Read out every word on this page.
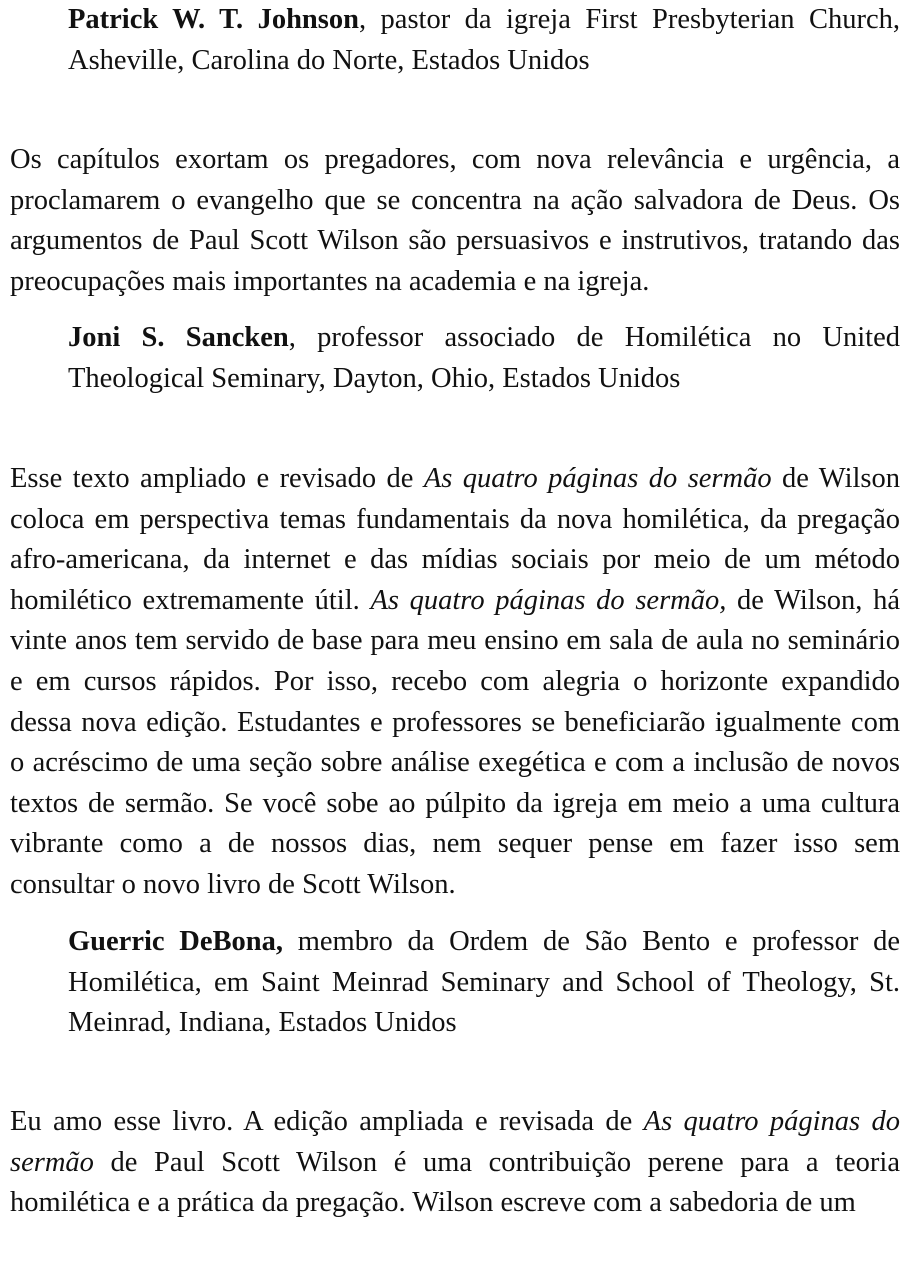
Patrick W. T. Johnson, pastor da igreja First Presbyterian Church, Asheville, Carolina do Norte, Estados Unidos

Os capítulos exortam os pregadores, com nova relevância e urgência, a proclamarem o evangelho que se concentra na ação salvadora de Deus. Os argumentos de Paul Scott Wilson são persuasivos e instrutivos, tratando das preocupações mais importantes na academia e na igreja.

Joni S. Sancken, professor associado de Homilética no United Theological Seminary, Dayton, Ohio, Estados Unidos

Esse texto ampliado e revisado de As quatro páginas do sermão de Wilson coloca em perspectiva temas fundamentais da nova homilética, da pregação afro-americana, da internet e das mídias sociais por meio de um método homilético extremamente útil. As quatro páginas do sermão, de Wilson, há vinte anos tem servido de base para meu ensino em sala de aula no seminário e em cursos rápidos. Por isso, recebo com alegria o horizonte expandido dessa nova edição. Estudantes e professores se beneficiarão igualmente com o acréscimo de uma seção sobre análise exegética e com a inclusão de novos textos de sermão. Se você sobe ao púlpito da igreja em meio a uma cultura vibrante como a de nossos dias, nem sequer pense em fazer isso sem consultar o novo livro de Scott Wilson.

Guerric DeBona, membro da Ordem de São Bento e professor de Homilética, em Saint Meinrad Seminary and School of Theology, St. Meinrad, Indiana, Estados Unidos

Eu amo esse livro. A edição ampliada e revisada de As quatro páginas do sermão de Paul Scott Wilson é uma contribuição perene para a teoria homilética e a prática da pregação. Wilson escreve com a sabedoria de um
